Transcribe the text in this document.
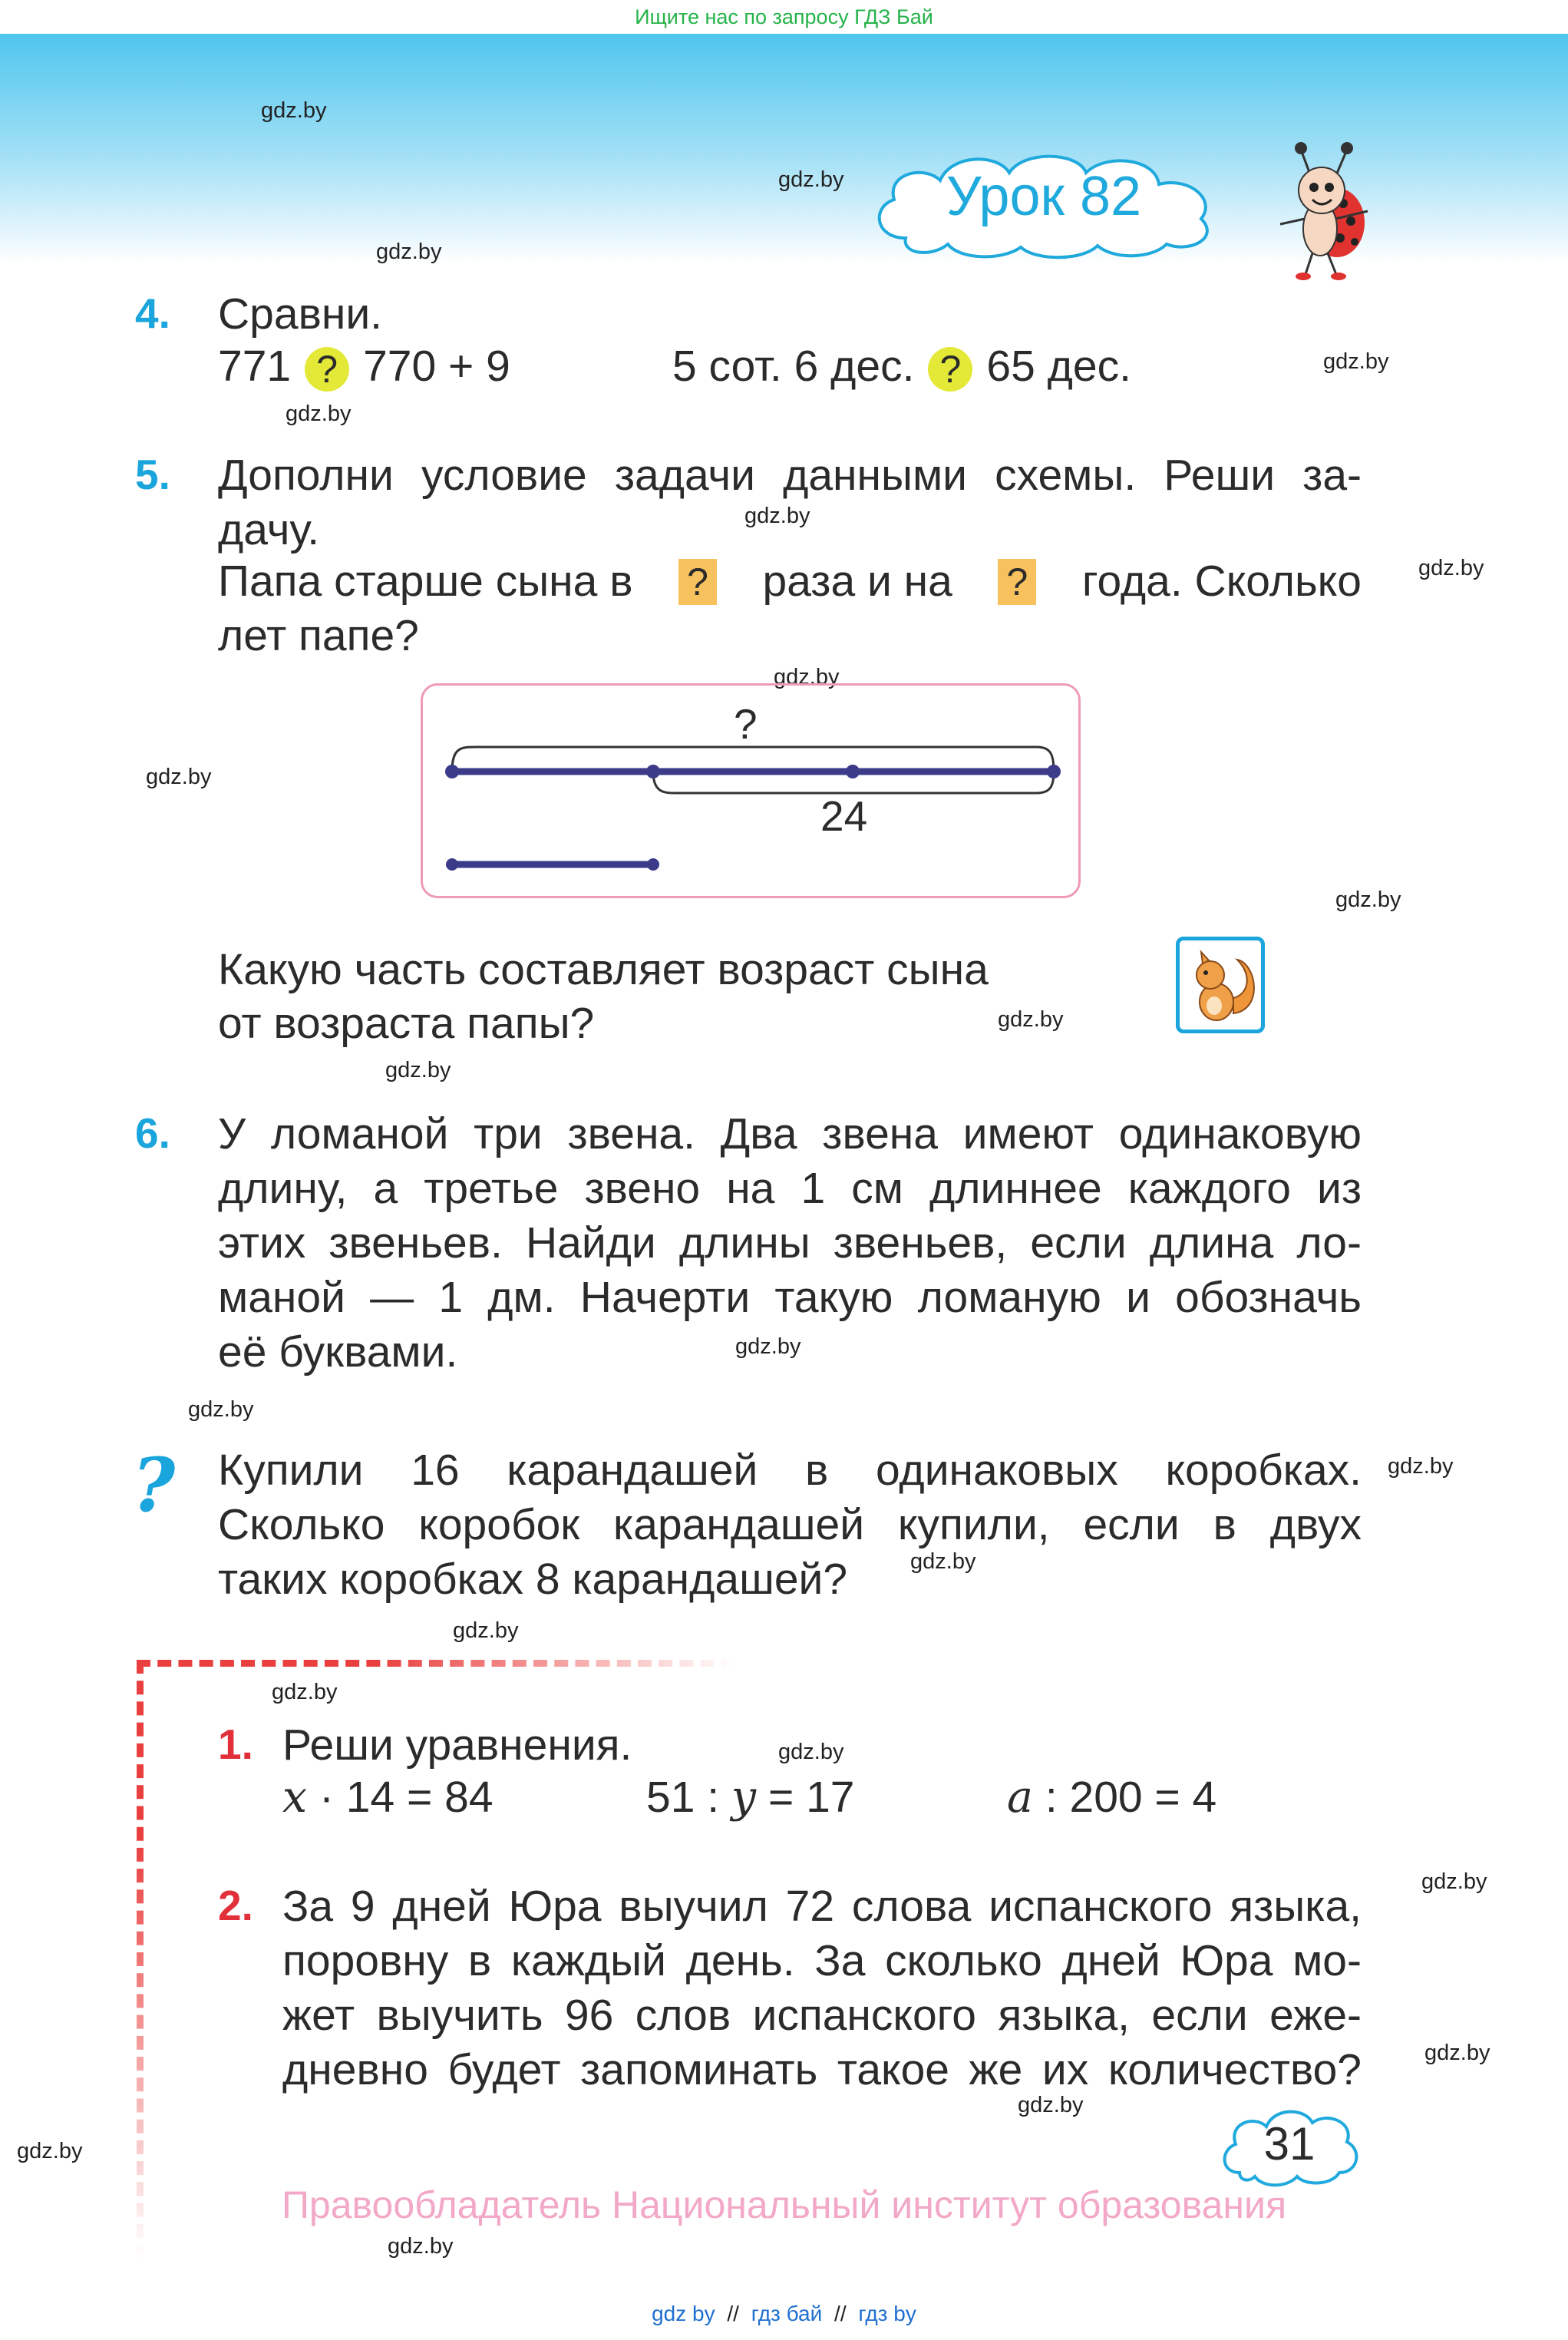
Ищите нас по запросу ГДЗ Бай
Урок 82
gdz.by
gdz.by
gdz.by
gdz.by
gdz.by
gdz.by
gdz.by
gdz.by
gdz.by
gdz.by
gdz.by
gdz.by
gdz.by
gdz.by
gdz.by
gdz.by
gdz.by
gdz.by
gdz.by
gdz.by
gdz.by
gdz.by
gdz.by
gdz.by
4. Сравни.
771 ? 770 + 9	5 сот. 6 дес. ? 65 дес.
5. Дополни условие задачи данными схемы. Реши за-
дачу.
Папа старше сына в ? раза и на ? года. Сколько
лет папе?
?
24
Какую часть составляет возраст сына
от возраста папы?
6. У ломаной три звена. Два звена имеют одинаковую
длину, а третье звено на 1 см длиннее каждого из
этих звеньев. Найди длины звеньев, если длина ло-
маной — 1 дм. Начерти такую ломаную и обозначь
её буквами.
? Купили 16 карандашей в одинаковых коробках.
Сколько коробок карандашей купили, если в двух
таких коробках 8 карандашей?
1. Реши уравнения.
x · 14 = 84	51 : y = 17	a : 200 = 4
2. За 9 дней Юра выучил 72 слова испанского языка,
поровну в каждый день. За сколько дней Юра мо-
жет выучить 96 слов испанского языка, если еже-
дневно будет запоминать такое же их количество?
31
Правообладатель Национальный институт образования
gdz by // гдз бай // гдз by
